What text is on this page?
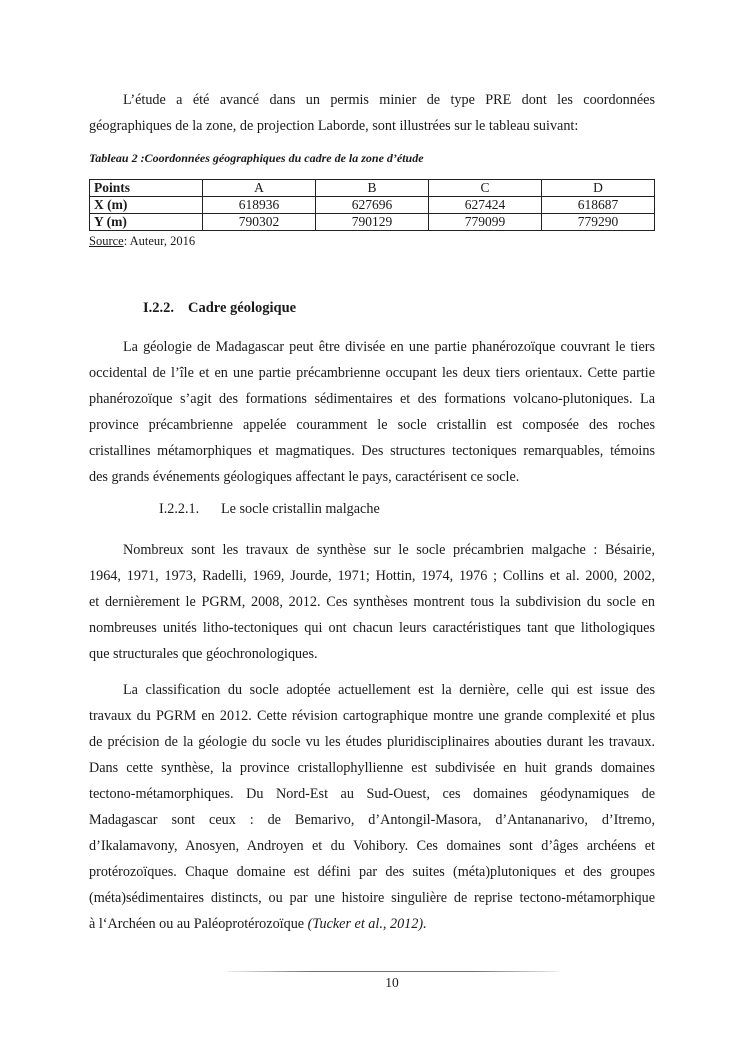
L’étude a été avancé dans un permis minier de type PRE dont les coordonnées

géographiques de la zone, de projection Laborde, sont illustrées sur le tableau suivant:

Tableau 2 :Coordonnées géographiques du cadre de la zone d’étude

Points	A	B	C	D
X (m)	618936	627696	627424	618687
Y (m)	790302	790129	779099	779290

Source: Auteur, 2016

I.2.2. Cadre géologique

La géologie de Madagascar peut être divisée en une partie phanérozoïque couvrant le tiers

occidental de l’île et en une partie précambrienne occupant les deux tiers orientaux. Cette partie

phanérozoïque s’agit des formations sédimentaires et des formations volcano-plutoniques. La

province précambrienne appelée couramment le socle cristallin est composée des roches

cristallines métamorphiques et magmatiques. Des structures tectoniques remarquables, témoins

des grands événements géologiques affectant le pays, caractérisent ce socle.

I.2.2.1. Le socle cristallin malgache

Nombreux sont les travaux de synthèse sur le socle précambrien malgache : Bésairie,

1964, 1971, 1973, Radelli, 1969, Jourde, 1971; Hottin, 1974, 1976 ; Collins et al. 2000, 2002,

et dernièrement le PGRM, 2008, 2012. Ces synthèses montrent tous la subdivision du socle en

nombreuses unités litho-tectoniques qui ont chacun leurs caractéristiques tant que lithologiques

que structurales que géochronologiques.

La classification du socle adoptée actuellement est la dernière, celle qui est issue des

travaux du PGRM en 2012. Cette révision cartographique montre une grande complexité et plus

de précision de la géologie du socle vu les études pluridisciplinaires abouties durant les travaux.

Dans cette synthèse, la province cristallophyllienne est subdivisée en huit grands domaines

tectono-métamorphiques. Du Nord-Est au Sud-Ouest, ces domaines géodynamiques de

Madagascar sont ceux : de Bemarivo, d’Antongil-Masora, d’Antananarivo, d’Itremo,

d’Ikalamavony, Anosyen, Androyen et du Vohibory. Ces domaines sont d’âges archéens et

protérozoïques. Chaque domaine est défini par des suites (méta)plutoniques et des groupes

(méta)sédimentaires distincts, ou par une histoire singulière de reprise tectono-métamorphique

à l‘Archéen ou au Paléoprotérozoïque (Tucker et al., 2012).

10
